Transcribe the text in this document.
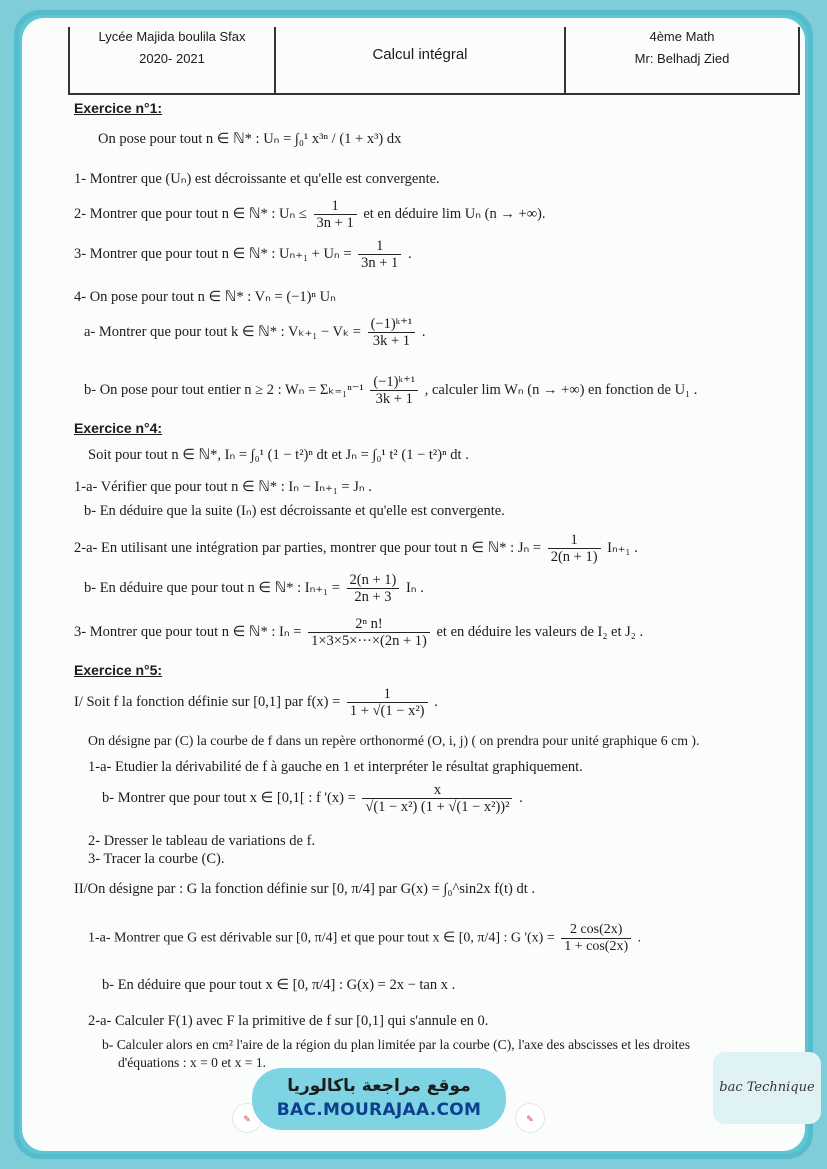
Lycée Majida boulila Sfax
2020- 2021	Calcul intégral
4ème Math
Mr: Belhadj Zied
Exercice n°1:
On pose pour tout n ∈ ℕ* : Uₙ = ∫₀¹ x³ⁿ / (1 + x³) dx
1- Montrer que (Uₙ) est décroissante et qu'elle est convergente.
2- Montrer que pour tout n ∈ ℕ* : $U_n \le \frac{1}{3n + 1}$ et en déduire lim Uₙ (n → +∞).
3- Montrer que pour tout n ∈ ℕ* : $U_{n+1} + U_n = \frac{1}{3n + 1}$ .
4- On pose pour tout n ∈ ℕ* : Vₙ = (−1)ⁿ Uₙ
a- Montrer que pour tout k ∈ ℕ* : $V_{k+1} - V_k = \frac{\text{(−1)ᵏ⁺¹}}{3k + 1}$ .
b- On pose pour tout entier n ≥ 2 : $W_n = \Sigma_{k=1}^{n-1} \frac{\text{(−1)ᵏ⁺¹}}{3k + 1}$ , calculer lim Wₙ (n → +∞) en fonction de U₁ .
Exercice n°4:
Soit pour tout n ∈ ℕ*, Iₙ = ∫₀¹ (1 − t²)ⁿ dt et Jₙ = ∫₀¹ t² (1 − t²)ⁿ dt .
1-a- Vérifier que pour tout n ∈ ℕ* : Iₙ − Iₙ₊₁ = Jₙ .
b- En déduire que la suite (Iₙ) est décroissante et qu'elle est convergente.
2-a- En utilisant une intégration par parties, montrer que pour tout n ∈ ℕ* : $J_n = \frac{1}{2(n + 1)} I_{n+1}$ .
b- En déduire que pour tout n ∈ ℕ* : $I_{n+1} = \frac{2(n + 1)}{2n + 3}$ Iₙ .
3- Montrer que pour tout n ∈ ℕ* : $I_n = \frac{\text{2ⁿ n!}}{1\times 3\times 5\times\cdot\cdot\cdot\times(2n + 1)}$ et en déduire les valeurs de I₂ et J₂ .
Exercice n°5:
I/ Soit f la fonction définie sur [0,1] par $f(x) = \frac{1}{\text{1 + √(1 − x²)}}$ .
On désigne par (C) la courbe de f dans un repère orthonormé (O, i, j) ( on prendra pour unité graphique 6 cm ).
1-a- Etudier la dérivabilité de f à gauche en 1 et interpréter le résultat graphiquement.
b- Montrer que pour tout x ∈ [0,1[ : f '$(x) = \frac{x}{\text{√(1 − x²) (1 + √(1 − x²))²}}$ .
2- Dresser le tableau de variations de f.
3- Tracer la courbe (C).
II/On désigne par : G la fonction définie sur [0, π/4] par G(x) = ∫₀^sin2x f(t) dt .
1-a- Montrer que G est dérivable sur [0, π/4] et que pour tout x ∈ [0, π/4] : G '$(x) = \frac{2 \cos(2x)}{1 + \cos(2x)}$ .
b- En déduire que pour tout x ∈ [0, π/4] : G(x) = 2x − tan x .
2-a- Calculer F(1) avec F la primitive de f sur [0,1] qui s'annule en 0.
b- Calculer alors en cm² l'aire de la région du plan limitée par la courbe (C), l'axe des abscisses et les droites
d'équations : x = 0 et x = 1.
✎
موقع مراجعة باكالوريا
BAC.MOURAJAA.COM	✎
bac Technique
